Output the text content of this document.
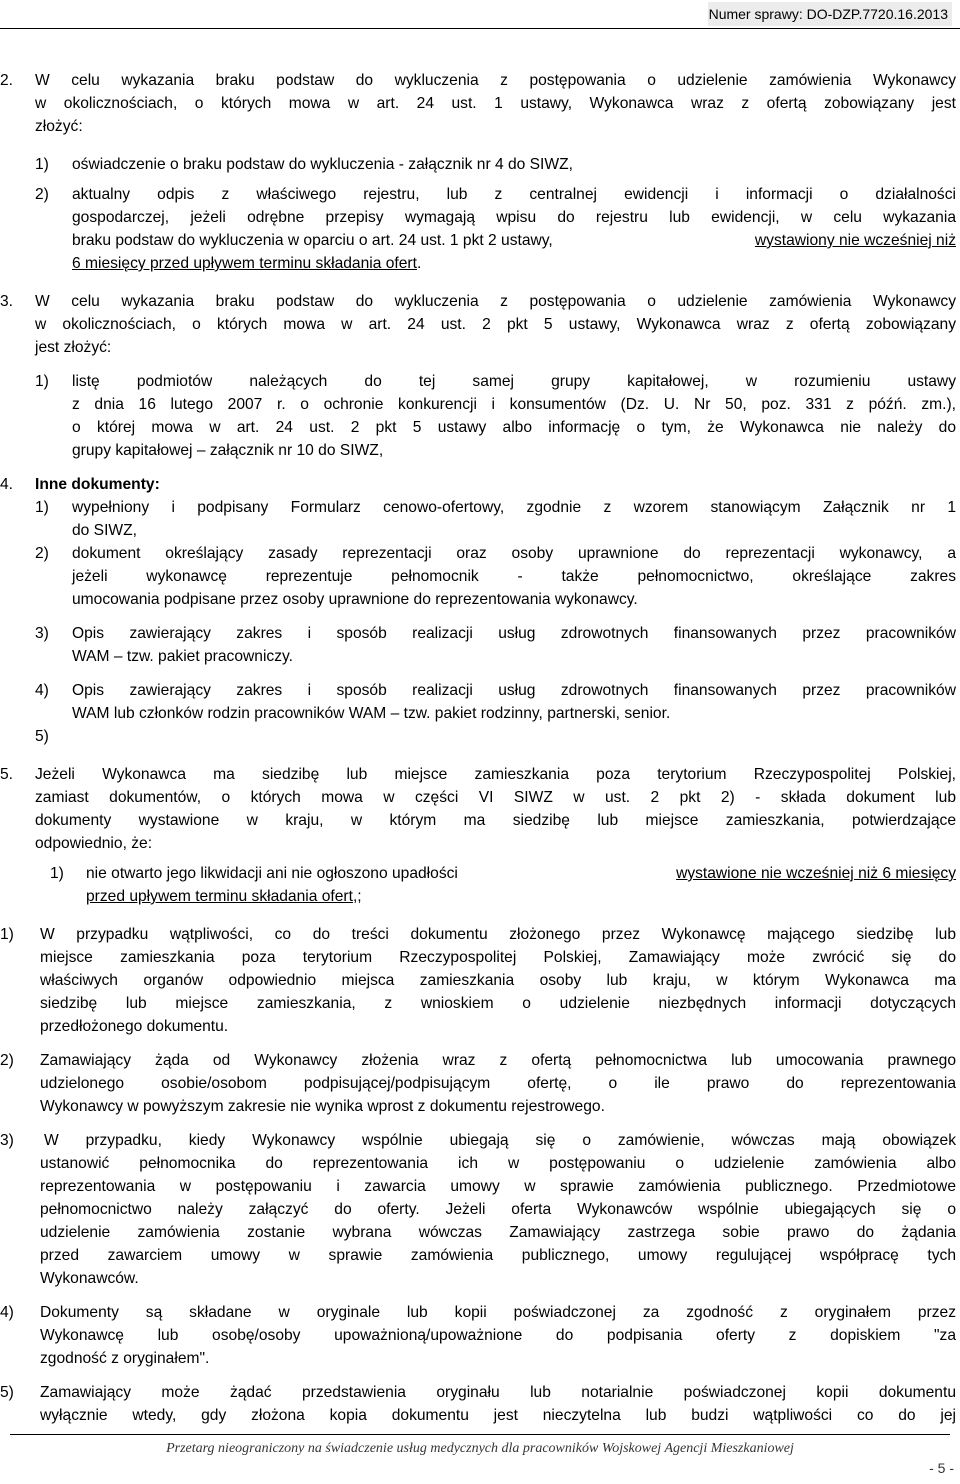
Numer sprawy: DO-DZP.7720.16.2013
2. W celu wykazania braku podstaw do wykluczenia z postępowania o udzielenie zamówienia Wykonawcy
w okolicznościach, o których mowa w art. 24 ust. 1 ustawy, Wykonawca wraz z ofertą zobowiązany jest
złożyć:
1) oświadczenie o braku podstaw do wykluczenia - załącznik nr 4 do SIWZ,
2) aktualny odpis z właściwego rejestru, lub z centralnej ewidencji i informacji o działalności
gospodarczej, jeżeli odrębne przepisy wymagają wpisu do rejestru lub ewidencji, w celu wykazania
braku podstaw do wykluczenia w oparciu o art. 24 ust. 1 pkt 2 ustawy,	wystawiony nie wcześniej niż
6 miesięcy przed upływem terminu składania ofert.
3. W celu wykazania braku podstaw do wykluczenia z postępowania o udzielenie zamówienia Wykonawcy
w okolicznościach, o których mowa w art. 24 ust. 2 pkt 5 ustawy, Wykonawca wraz z ofertą zobowiązany
jest złożyć:
1) listę podmiotów należących do tej samej grupy kapitałowej, w rozumieniu ustawy
z dnia 16 lutego 2007 r. o ochronie konkurencji i konsumentów (Dz. U. Nr 50, poz. 331 z późń. zm.),
o której mowa w art. 24 ust. 2 pkt 5 ustawy albo informację o tym, że Wykonawca nie należy do
grupy kapitałowej – załącznik nr 10 do SIWZ,
4. Inne dokumenty:
1) wypełniony i podpisany Formularz cenowo-ofertowy, zgodnie z wzorem stanowiącym Załącznik nr 1
do SIWZ,
2) dokument określający zasady reprezentacji oraz osoby uprawnione do reprezentacji wykonawcy, a
jeżeli wykonawcę reprezentuje pełnomocnik - także pełnomocnictwo, określające zakres
umocowania podpisane przez osoby uprawnione do reprezentowania wykonawcy.
3) Opis zawierający zakres i sposób realizacji usług zdrowotnych finansowanych przez pracowników
WAM – tzw. pakiet pracowniczy.
4) Opis zawierający zakres i sposób realizacji usług zdrowotnych finansowanych przez pracowników
WAM lub członków rodzin pracowników WAM – tzw. pakiet rodzinny, partnerski, senior.
5)
5. Jeżeli Wykonawca ma siedzibę lub miejsce zamieszkania poza terytorium Rzeczypospolitej Polskiej,
zamiast dokumentów, o których mowa w części VI SIWZ w ust. 2 pkt 2) - składa dokument lub
dokumenty wystawione w kraju, w którym ma siedzibę lub miejsce zamieszkania, potwierdzające
odpowiednio, że:
1) nie otwarto jego likwidacji ani nie ogłoszono upadłości	wystawione nie wcześniej niż 6 miesięcy
przed upływem terminu składania ofert,;
1) W przypadku wątpliwości, co do treści dokumentu złożonego przez Wykonawcę mającego siedzibę lub
miejsce zamieszkania poza terytorium Rzeczypospolitej Polskiej, Zamawiający może zwrócić się do
właściwych organów odpowiednio miejsca zamieszkania osoby lub kraju, w którym Wykonawca ma
siedzibę lub miejsce zamieszkania, z wnioskiem o udzielenie niezbędnych informacji dotyczących
przedłożonego dokumentu.
2) Zamawiający żąda od Wykonawcy złożenia wraz z ofertą pełnomocnictwa lub umocowania prawnego
udzielonego osobie/osobom podpisującej/podpisującym ofertę, o ile prawo do reprezentowania
Wykonawcy w powyższym zakresie nie wynika wprost z dokumentu rejestrowego.
3) W przypadku, kiedy Wykonawcy wspólnie ubiegają się o zamówienie, wówczas mają obowiązek
ustanowić pełnomocnika do reprezentowania ich w postępowaniu o udzielenie zamówienia albo
reprezentowania w postępowaniu i zawarcia umowy w sprawie zamówienia publicznego. Przedmiotowe
pełnomocnictwo należy załączyć do oferty. Jeżeli oferta Wykonawców wspólnie ubiegających się o
udzielenie zamówienia zostanie wybrana wówczas Zamawiający zastrzega sobie prawo do żądania
przed zawarciem umowy w sprawie zamówienia publicznego, umowy regulującej współpracę tych
Wykonawców.
4) Dokumenty są składane w oryginale lub kopii poświadczonej za zgodność z oryginałem przez
Wykonawcę lub osobę/osoby upoważnioną/upoważnione do podpisania oferty z dopiskiem "za
zgodność z oryginałem".
5) Zamawiający może żądać przedstawienia oryginału lub notarialnie poświadczonej kopii dokumentu
wyłącznie wtedy, gdy złożona kopia dokumentu jest nieczytelna lub budzi wątpliwości co do jej
Przetarg nieograniczony na świadczenie usług medycznych dla pracowników Wojskowej Agencji Mieszkaniowej
- 5 -
